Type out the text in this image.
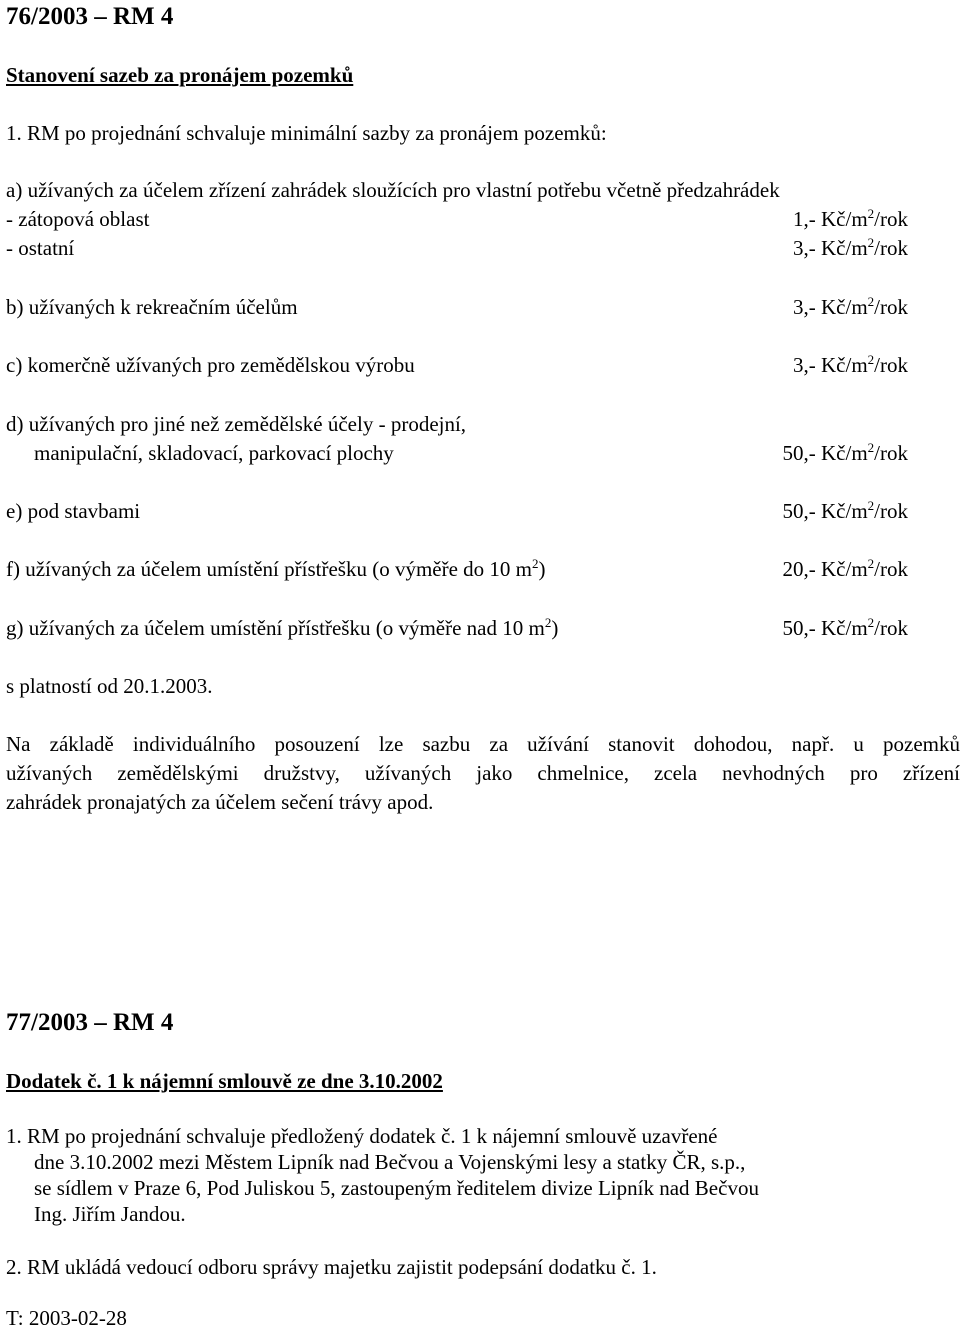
76/2003 – RM 4
Stanovení sazeb za pronájem pozemků
1. RM po projednání schvaluje minimální sazby za pronájem pozemků:
a) užívaných za účelem zřízení zahrádek sloužících pro vlastní potřebu včetně předzahrádek
- zátopová oblast	1,- $Kč/m^2$/rok
- ostatní	3,- $Kč/m^2$/rok
b) užívaných k rekreačním účelům	3,- $Kč/m^2$/rok
c) komerčně užívaných pro zemědělskou výrobu	3,- $Kč/m^2$/rok
d) užívaných pro jiné než zemědělské účely - prodejní,
manipulační, skladovací, parkovací plochy	50,- $Kč/m^2$/rok
e) pod stavbami	50,- $Kč/m^2$/rok
f) užívaných za účelem umístění přístřešku (o výměře do 10 $m^2$)	20,- $Kč/m^2$/rok
g) užívaných za účelem umístění přístřešku (o výměře nad 10 $m^2$)	50,- $Kč/m^2$/rok
s platností od 20.1.2003.
Na základě individuálního posouzení lze sazbu za užívání stanovit dohodou, např. u pozemků
užívaných zemědělskými družstvy, užívaných jako chmelnice, zcela nevhodných pro zřízení
zahrádek pronajatých za účelem sečení trávy apod.
77/2003 – RM 4
Dodatek č. 1 k nájemní smlouvě ze dne 3.10.2002
1. RM po projednání schvaluje předložený dodatek č. 1 k nájemní smlouvě uzavřené
dne 3.10.2002 mezi Městem Lipník nad Bečvou a Vojenskými lesy a statky ČR, s.p.,
se sídlem v Praze 6, Pod Juliskou 5, zastoupeným ředitelem divize Lipník nad Bečvou
Ing. Jiřím Jandou.
2. RM ukládá vedoucí odboru správy majetku zajistit podepsání dodatku č. 1.
T: 2003-02-28
